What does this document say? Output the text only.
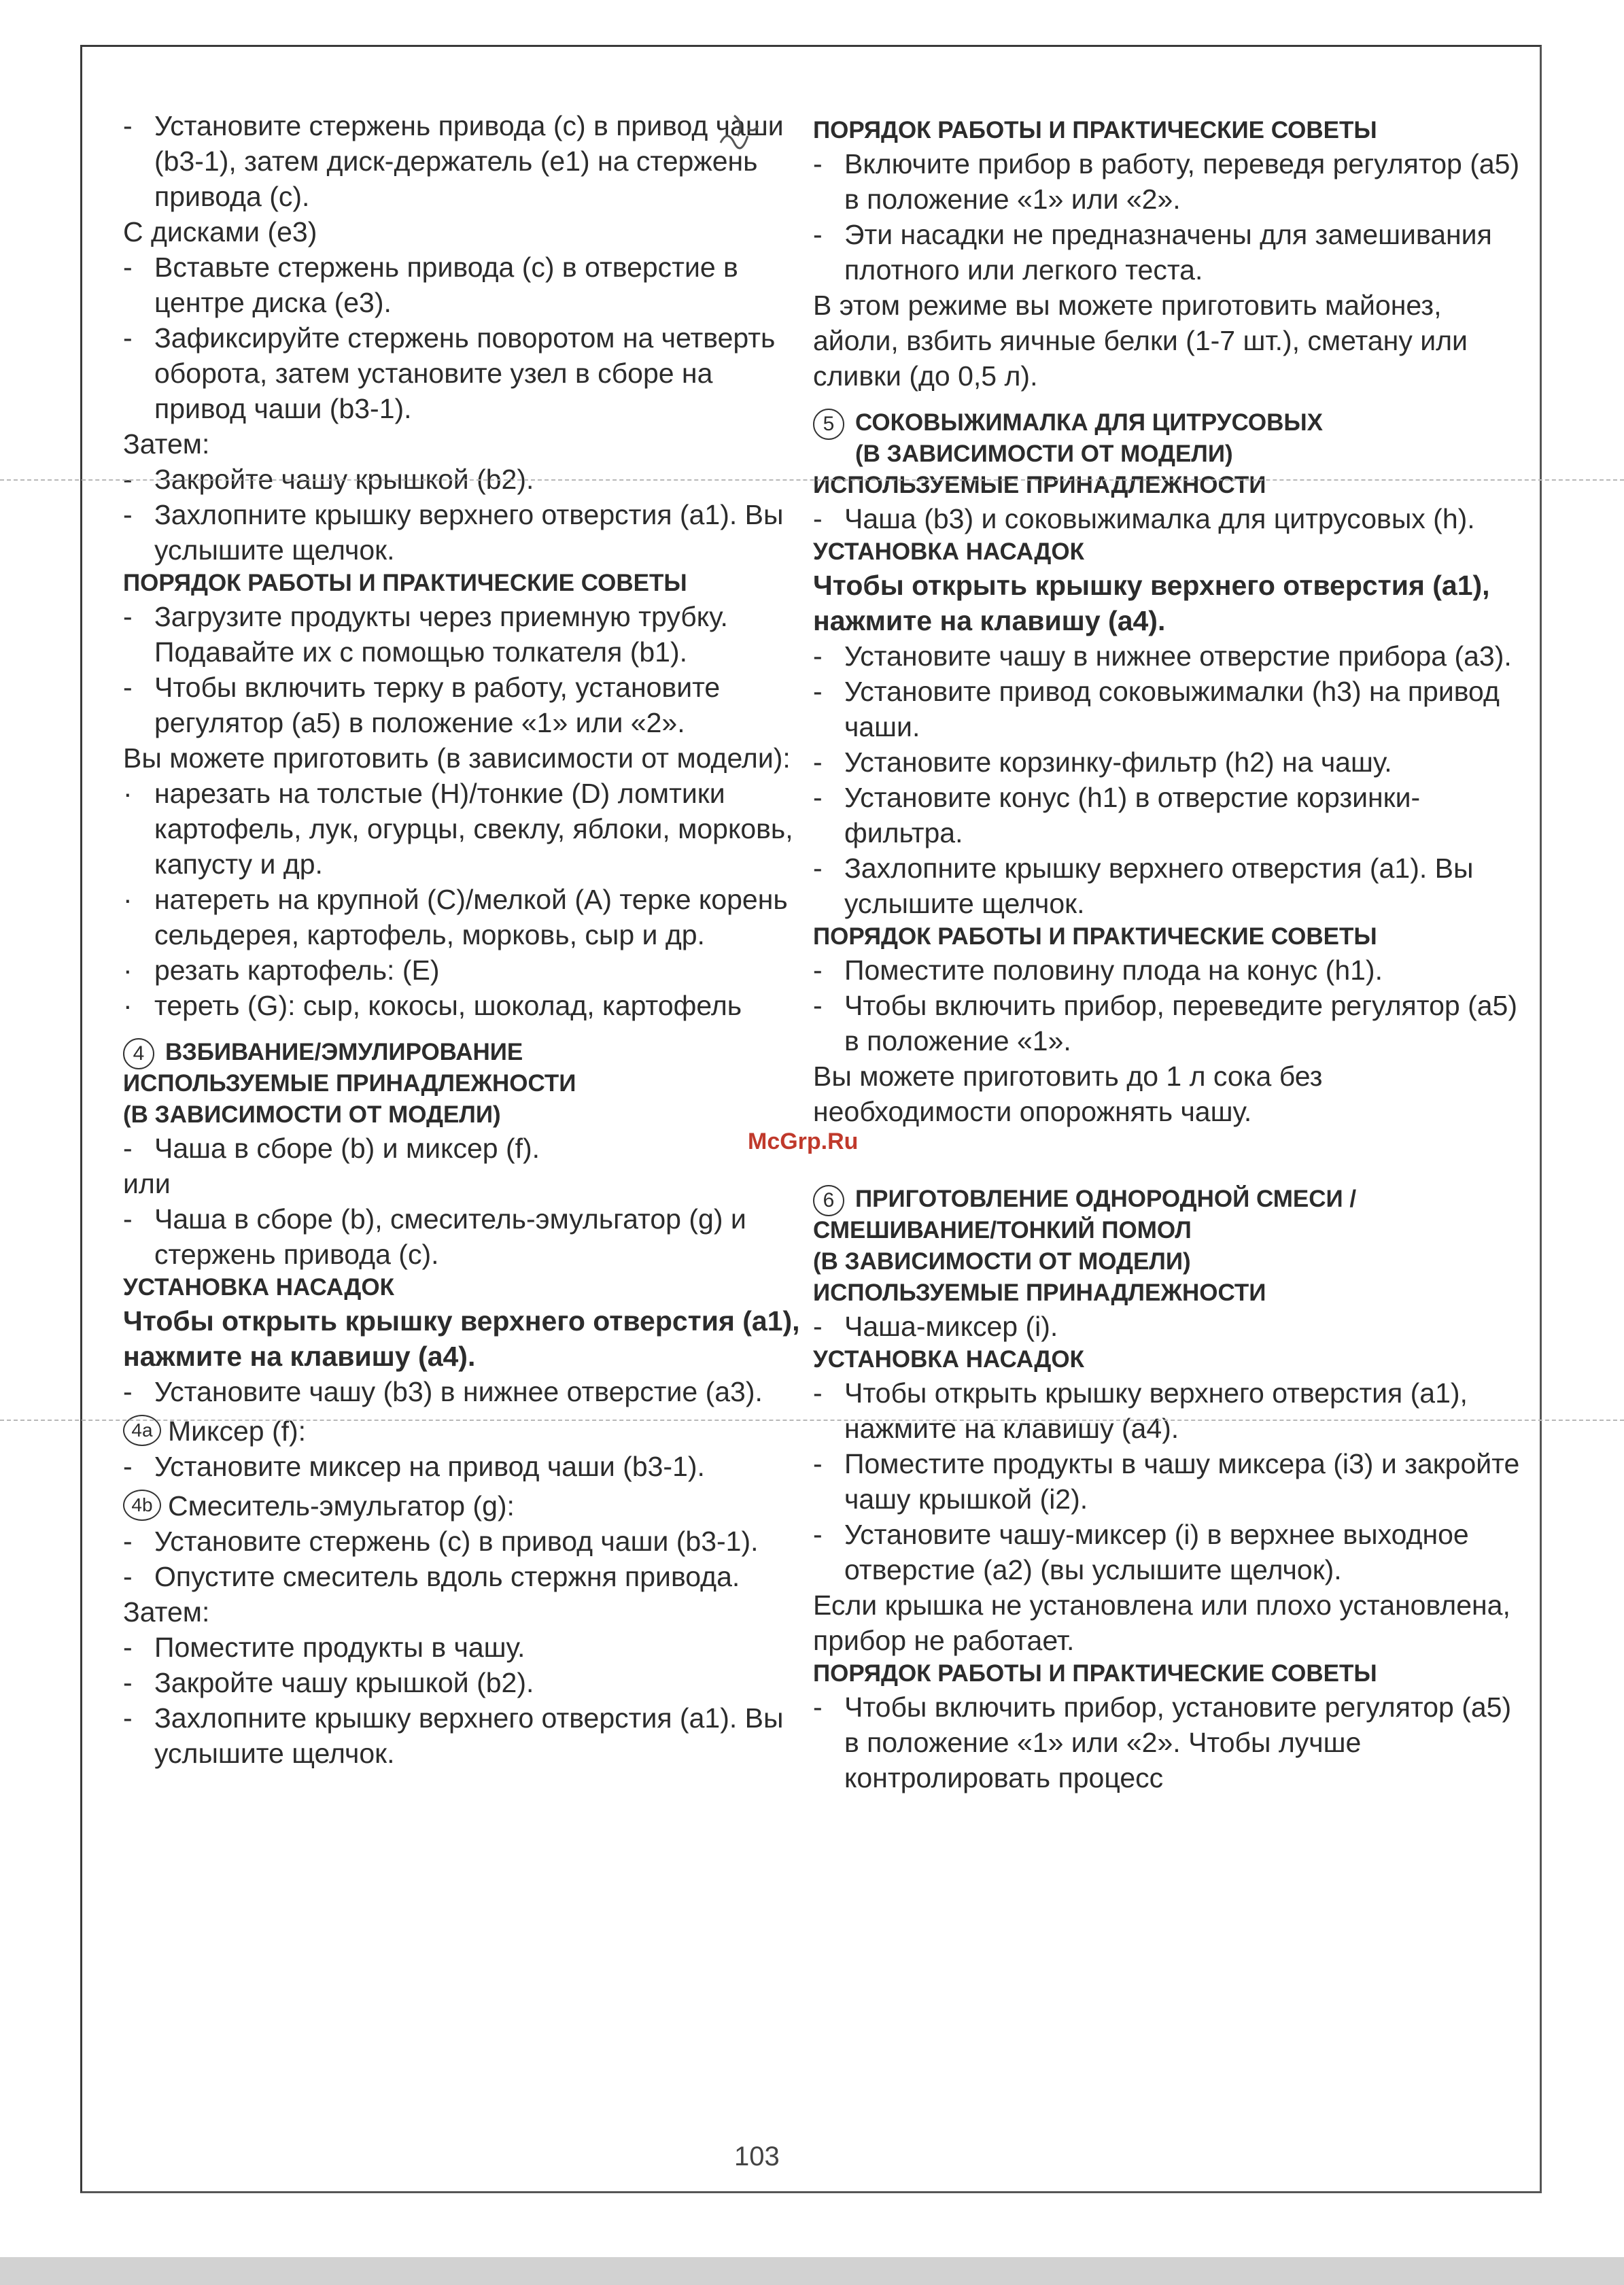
- Установите стержень привода (c) в привод чаши (b3-1), затем диск-держатель (e1) на стержень привода (c).

С дисками (e3)

- Вставьте стержень привода (c) в отверстие в центре диска (e3).
- Зафиксируйте стержень поворотом на четверть оборота, затем установите узел в сборе на привод чаши (b3-1).

Затем:

- Закройте чашу крышкой (b2).
- Захлопните крышку верхнего отверстия (a1). Вы услышите щелчок.

ПОРЯДОК РАБОТЫ И ПРАКТИЧЕСКИЕ СОВЕТЫ

- Загрузите продукты через приемную трубку. Подавайте их с помощью толкателя (b1).
- Чтобы включить терку в работу, установите регулятор (a5) в положение «1» или «2».

Вы можете приготовить (в зависимости от модели):

· нарезать на толстые (H)/тонкие (D) ломтики картофель, лук, огурцы, свеклу, яблоки, морковь, капусту и др.
· натереть на крупной (C)/мелкой (A) терке корень сельдерея, картофель, морковь, сыр и др.
· резать картофель: (E)
· тереть (G): сыр, кокосы, шоколад, картофель
4 ВЗБИВАНИЕ/ЭМУЛИРОВАНИЕ

ИСПОЛЬЗУЕМЫЕ ПРИНАДЛЕЖНОСТИ

(В ЗАВИСИМОСТИ ОТ МОДЕЛИ)

- Чаша в сборе (b) и миксер (f).

или

- Чаша в сборе (b), смеситель-эмульгатор (g) и стержень привода (c).

УСТАНОВКА НАСАДОК

Чтобы открыть крышку верхнего отверстия (a1), нажмите на клавишу (a4).

- Установите чашу (b3) в нижнее отверстие (a3).
4a Миксер (f):
- Установите миксер на привод чаши (b3-1).
4b Смеситель-эмульгатор (g):
- Установите стержень (c) в привод чаши (b3-1).
- Опустите смеситель вдоль стержня привода.

Затем:

- Поместите продукты в чашу.
- Закройте чашу крышкой (b2).
- Захлопните крышку верхнего отверстия (a1). Вы услышите щелчок.

ПОРЯДОК РАБОТЫ И ПРАКТИЧЕСКИЕ СОВЕТЫ

- Включите прибор в работу, переведя регулятор (a5) в положение «1» или «2».
- Эти насадки не предназначены для замешивания плотного или легкого теста.

В этом режиме вы можете приготовить майонез, айоли, взбить яичные белки (1-7 шт.), сметану или сливки (до 0,5 л).

5 СОКОВЫЖИМАЛКА ДЛЯ ЦИТРУСОВЫХ
(В ЗАВИСИМОСТИ ОТ МОДЕЛИ)

ИСПОЛЬЗУЕМЫЕ ПРИНАДЛЕЖНОСТИ

- Чаша (b3) и соковыжималка для цитрусовых (h).

УСТАНОВКА НАСАДОК

Чтобы открыть крышку верхнего отверстия (a1), нажмите на клавишу (a4).

- Установите чашу в нижнее отверстие прибора (a3).
- Установите привод соковыжималки (h3) на привод чаши.
- Установите корзинку-фильтр (h2) на чашу.
- Установите конус (h1) в отверстие корзинки-фильтра.
- Захлопните крышку верхнего отверстия (a1). Вы услышите щелчок.

ПОРЯДОК РАБОТЫ И ПРАКТИЧЕСКИЕ СОВЕТЫ

- Поместите половину плода на конус (h1).
- Чтобы включить прибор, переведите регулятор (a5) в положение «1».

Вы можете приготовить до 1 л сока без необходимости опорожнять чашу.

6 ПРИГОТОВЛЕНИЕ ОДНОРОДНОЙ СМЕСИ /
СМЕШИВАНИЕ/ТОНКИЙ ПОМОЛ
(В ЗАВИСИМОСТИ ОТ МОДЕЛИ)

ИСПОЛЬЗУЕМЫЕ ПРИНАДЛЕЖНОСТИ

- Чаша-миксер (i).

УСТАНОВКА НАСАДОК

- Чтобы открыть крышку верхнего отверстия (a1), нажмите на клавишу (a4).
- Поместите продукты в чашу миксера (i3) и закройте чашу крышкой (i2).
- Установите чашу-миксер (i) в верхнее выходное отверстие (a2) (вы услышите щелчок).

Если крышка не установлена или плохо установлена, прибор не работает.

ПОРЯДОК РАБОТЫ И ПРАКТИЧЕСКИЕ СОВЕТЫ

- Чтобы включить прибор, установите регулятор (a5) в положение «1» или «2». Чтобы лучше контролировать процесс
McGrp.Ru
103
